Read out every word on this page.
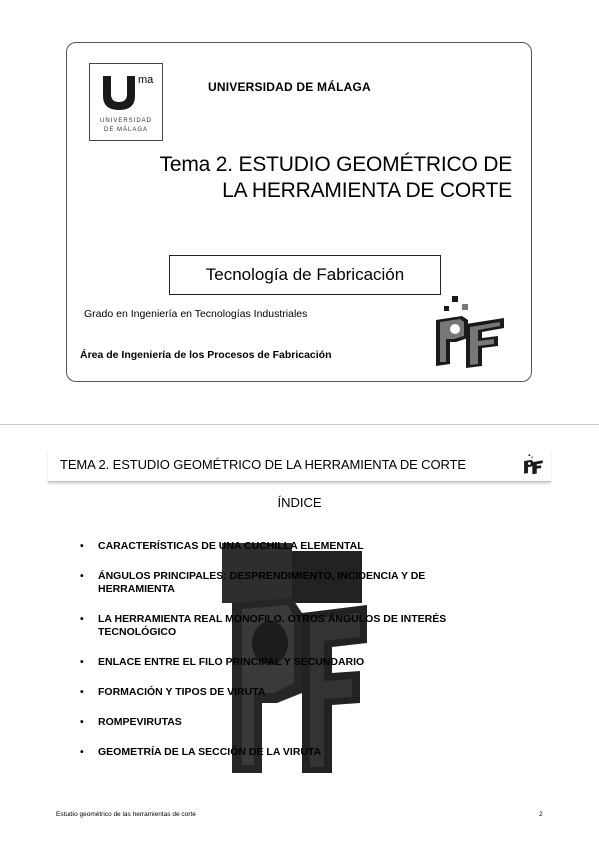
ma
UNIVERSIDAD
DE MÁLAGA
UNIVERSIDAD DE MÁLAGA
Tema 2. ESTUDIO GEOMÉTRICO DE
LA HERRAMIENTA DE CORTE
Tecnología de Fabricación
Grado en Ingeniería en Tecnologías Industriales
Área de Ingeniería de los Procesos de Fabricación
TEMA 2. ESTUDIO GEOMÉTRICO DE LA HERRAMIENTA DE CORTE
ÍNDICE
• CARACTERÍSTICAS DE UNA CUCHILLA ELEMENTAL
• ÁNGULOS PRINCIPALES: DESPRENDIMIENTO, INCIDENCIA Y DE HERRAMIENTA
• LA HERRAMIENTA REAL MONOFILO. OTROS ÁNGULOS DE INTERÉS TECNOLÓGICO
• ENLACE ENTRE EL FILO PRINCIPAL Y SECUNDARIO
• FORMACIÓN Y TIPOS DE VIRUTA
• ROMPEVIRUTAS
• GEOMETRÍA DE LA SECCIÓN DE LA VIRUTA
Estudio geométrico de las herramientas de corte	2
